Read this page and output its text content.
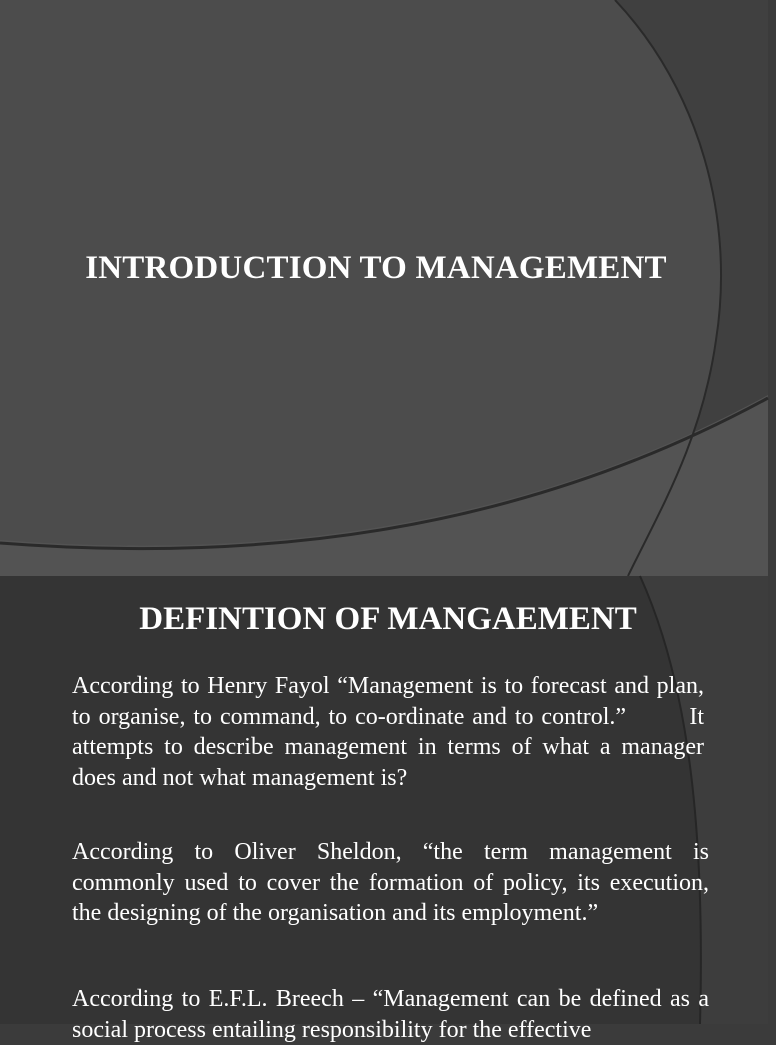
INTRODUCTION TO MANAGEMENT
DEFINTION OF MANGAEMENT

According to Henry Fayol “Management is to forecast and plan, to organise, to command, to co-ordinate and to control.”        It attempts to describe management in terms of what a manager does and not what management is?

According to Oliver Sheldon, “the term management is commonly used to cover the formation of policy, its execution, the designing of the organisation and its employment.”

According to E.F.L. Breech – “Management can be defined as a social process entailing responsibility for the effective
